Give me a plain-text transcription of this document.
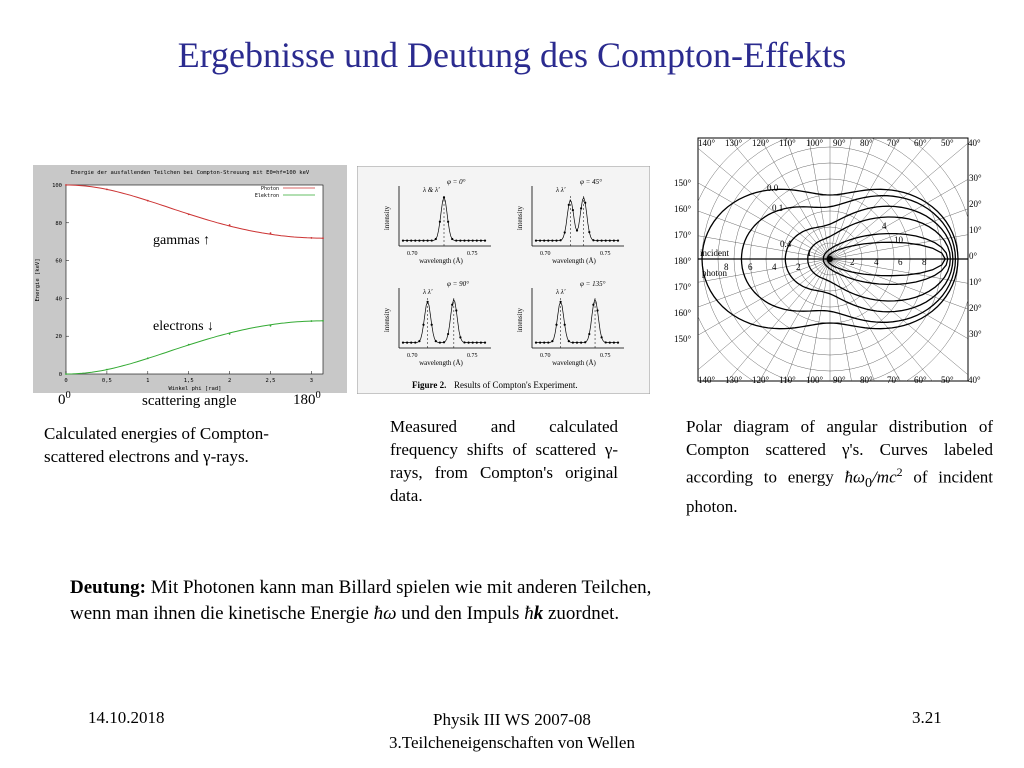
Ergebnisse und Deutung des Compton-Effekts
Energie der ausfallenden Teilchen bei Compton-Streuung mit E0=hf=100 keV
0
20
40
60
80
100
0	0,5	1	1,5	2	2,5	3
Energie [keV]
Winkel phi [rad]
Photon
Elektron
gammas ↑
electrons ↓
$0^0$	scattering angle	$180^0$
intensity
φ = 0°
λ & λ′
0.70	0.75
wavelength (Å)
intensity
φ = 45°
λ λ′
0.70	0.75
wavelength (Å)
intensity
φ = 90°
λ λ′
0.70	0.75
wavelength (Å)
intensity
φ = 135°
λ λ′
0.70	0.75
wavelength (Å)
Figure 2. Results of Compton's Experiment.
140°
140°
130°
130°
120°
120°
110°
110°
100°
100°
90°
90°
80°
80°
70°
70°
60°
60°
50°
50°
40°
40°
30°
20°
10°
0°
10°
20°
30°
150°
160°
170°
180°
170°
160°
150°
0.0
0.1
0.4
1
4
10
incident
photon
8 6 4 2	2 4 6 8
Calculated energies of Compton-
scattered electrons and γ-rays.
Measured and calculated frequency shifts of scattered γ-rays, from Compton's original data.
Polar diagram of angular distribution of Compton scattered γ's. Curves labeled according to energy $ħ\omega_0/mc^2$ of incident photon.
Deutung: Mit Photonen kann man Billard spielen wie mit anderen Teilchen,
wenn man ihnen die kinetische Energie ħω und den Impuls ħk zuordnet.
14.10.2018	Physik III WS 2007-08
3.Teilcheneigenschaften von Wellen
3.21
